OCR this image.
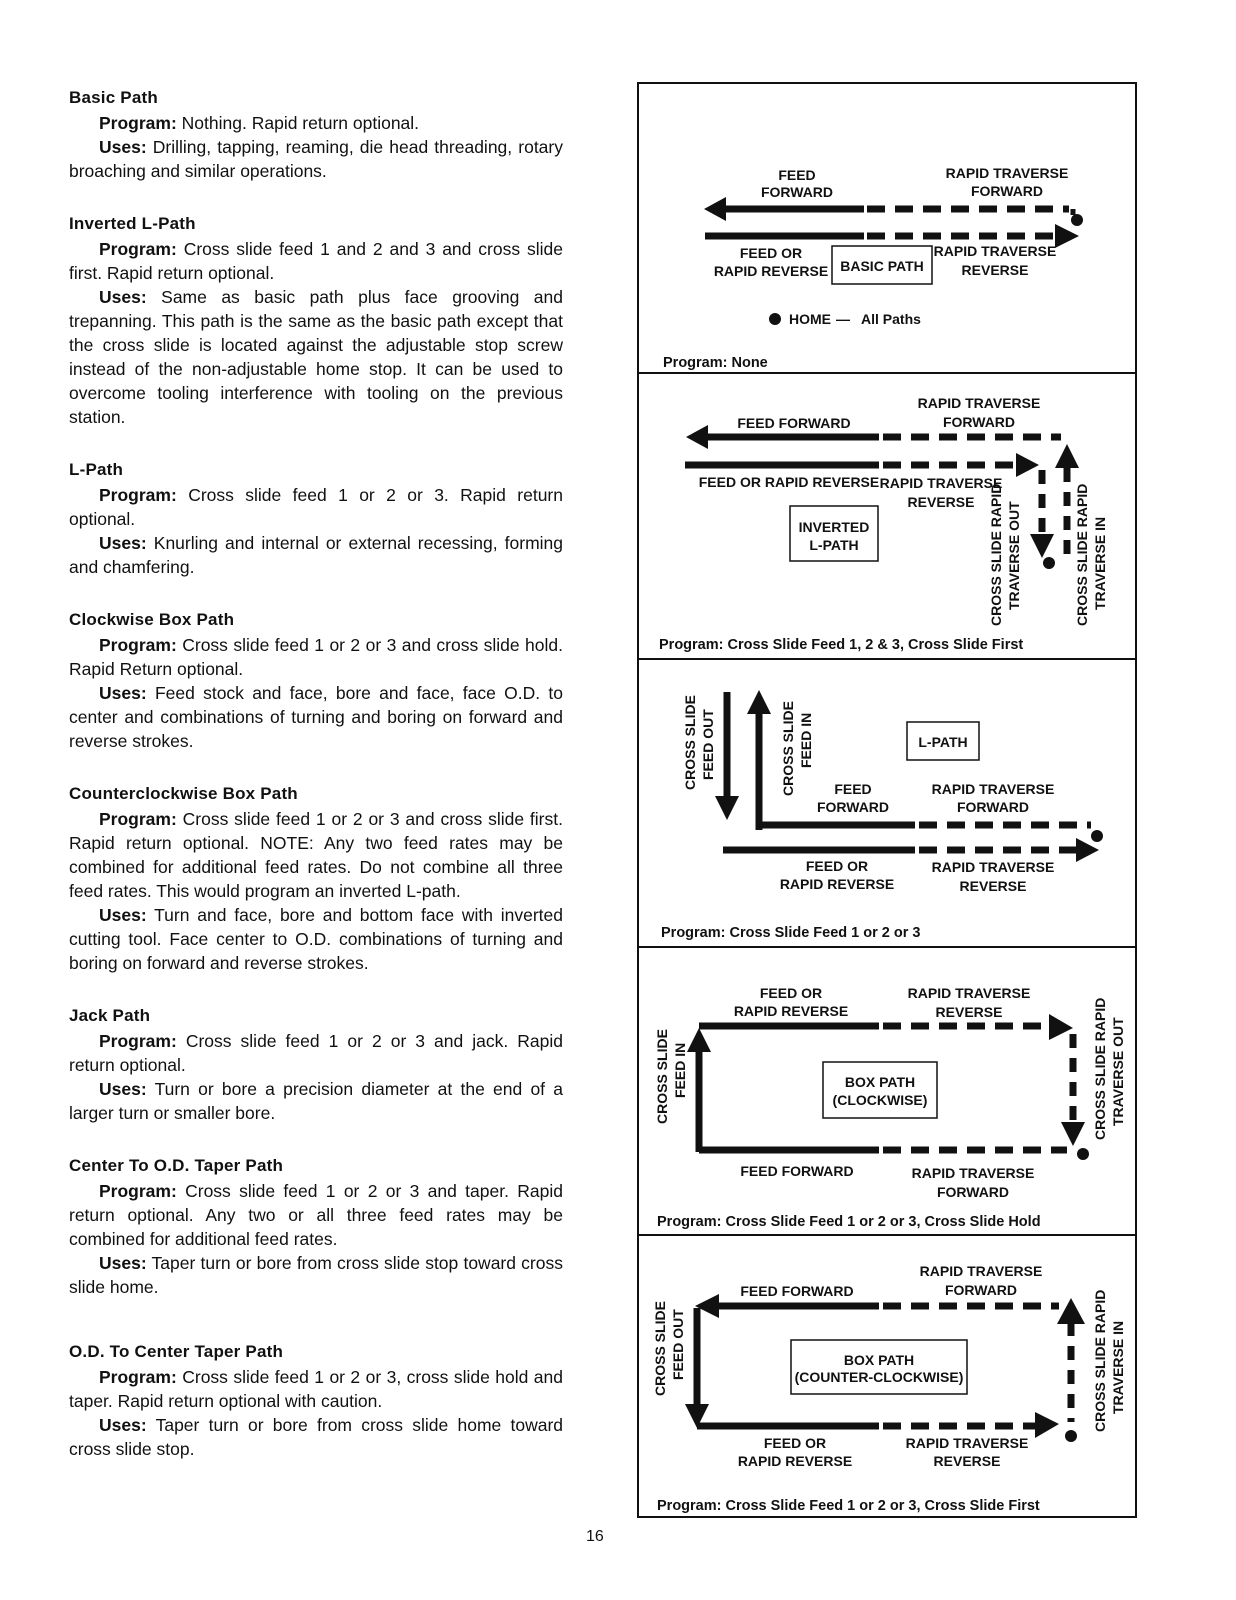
Basic Path

Program: Nothing. Rapid return optional.

Uses: Drilling, tapping, reaming, die head threading, rotary broaching and similar operations.

Inverted L-Path

Program: Cross slide feed 1 and 2 and 3 and cross slide first. Rapid return optional.

Uses: Same as basic path plus face grooving and trepanning. This path is the same as the basic path except that the cross slide is located against the adjustable stop screw instead of the non-adjustable home stop. It can be used to overcome tooling interference with tooling on the previous station.

L-Path

Program: Cross slide feed 1 or 2 or 3. Rapid return optional.

Uses: Knurling and internal or external recessing, forming and chamfering.

Clockwise Box Path

Program: Cross slide feed 1 or 2 or 3 and cross slide hold. Rapid Return optional.

Uses: Feed stock and face, bore and face, face O.D. to center and combinations of turning and boring on forward and reverse strokes.

Counterclockwise Box Path

Program: Cross slide feed 1 or 2 or 3 and cross slide first. Rapid return optional. NOTE: Any two feed rates may be combined for additional feed rates. Do not combine all three feed rates. This would program an inverted L-path.

Uses: Turn and face, bore and bottom face with inverted cutting tool. Face center to O.D. combinations of turning and boring on forward and reverse strokes.

Jack Path

Program: Cross slide feed 1 or 2 or 3 and jack. Rapid return optional.

Uses: Turn or bore a precision diameter at the end of a larger turn or smaller bore.

Center To O.D. Taper Path

Program: Cross slide feed 1 or 2 or 3 and taper. Rapid return optional. Any two or all three feed rates may be combined for additional feed rates.

Uses: Taper turn or bore from cross slide stop toward cross slide home.

O.D. To Center Taper Path

Program: Cross slide feed 1 or 2 or 3, cross slide hold and taper. Rapid return optional with caution.

Uses: Taper turn or bore from cross slide home toward cross slide stop.

16
FEED
FORWARD
RAPID TRAVERSE
FORWARD
FEED OR
RAPID REVERSE BASIC PATH
RAPID TRAVERSE
REVERSE
HOME — All Paths
Program: None
RAPID TRAVERSE
FORWARD
FEED FORWARD
FEED OR RAPID REVERSE RAPID TRAVERSE
REVERSE
INVERTED
L-PATH	CROSS SLIDE RAPID TRAVERSE OUT	CROSS SLIDE RAPID TRAVERSE IN
Program: Cross Slide Feed 1, 2 & 3, Cross Slide First
CROSS SLIDE FEED OUT	CROSS SLIDE FEED IN	L-PATH
FEED
FORWARD
RAPID TRAVERSE
FORWARD
FEED OR
RAPID REVERSE
RAPID TRAVERSE
REVERSE
Program: Cross Slide Feed 1 or 2 or 3
FEED OR
RAPID REVERSE
RAPID TRAVERSE
REVERSE
CROSS SLIDE FEED IN	BOX PATH
(CLOCKWISE)	CROSS SLIDE RAPID TRAVERSE OUT
FEED FORWARD	RAPID TRAVERSE
FORWARD
Program: Cross Slide Feed 1 or 2 or 3, Cross Slide Hold
RAPID TRAVERSE
FORWARD
FEED FORWARD	CROSS SLIDE RAPID TRAVERSE IN
CROSS SLIDE FEED OUT	BOX PATH
(COUNTER-CLOCKWISE)
FEED OR
RAPID REVERSE
RAPID TRAVERSE
REVERSE
Program: Cross Slide Feed 1 or 2 or 3, Cross Slide First
